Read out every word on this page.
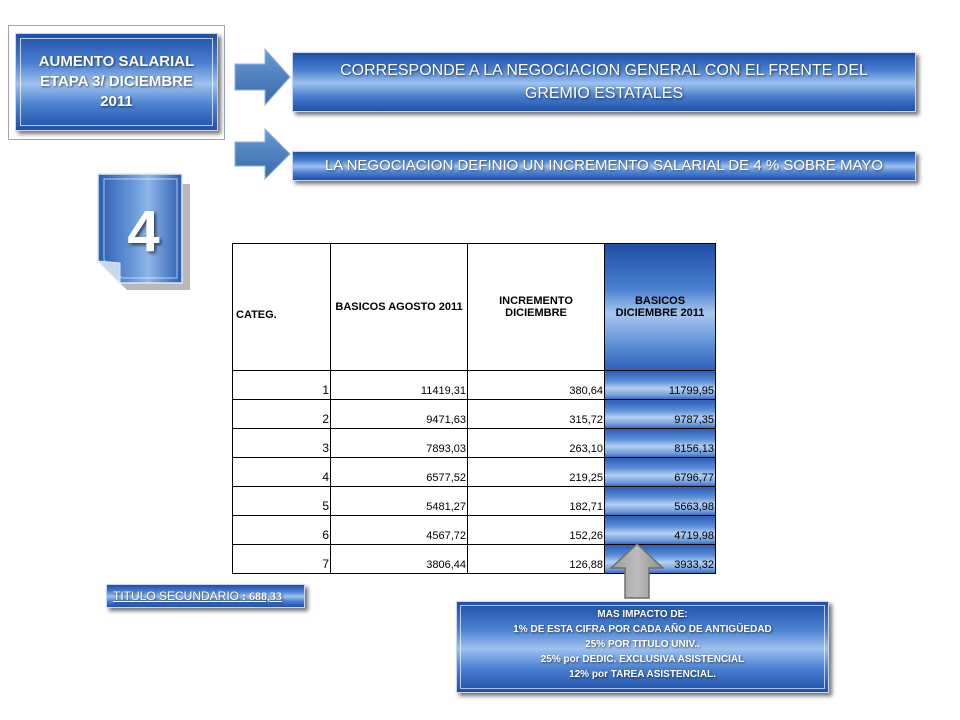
AUMENTO SALARIAL
ETAPA 3/ DICIEMBRE
2011
CORRESPONDE A LA NEGOCIACION GENERAL CON EL FRENTE DEL GREMIO ESTATALES
LA NEGOCIACION DEFINIO UN INCREMENTO SALARIAL DE 4 % SOBRE MAYO
4
CATEG.	BASICOS AGOSTO 2011	INCREMENTO DICIEMBRE	BASICOS DICIEMBRE 2011
1	11419,31	380,64	11799,95
2	9471,63	315,72	9787,35
3	7893,03	263,10	8156,13
4	6577,52	219,25	6796,77
5	5481,27	182,71	5663,98
6	4567,72	152,26	4719,98
7	3806,44	126,88	3933,32
MAS IMPACTO DE:
1% DE ESTA CIFRA POR CADA AÑO DE ANTIGÜEDAD
25% POR TITULO UNIV..
25% por DEDIC. EXCLUSIVA ASISTENCIAL
12% por TAREA ASISTENCIAL.
TITULO SECUNDARIO : 688,33
